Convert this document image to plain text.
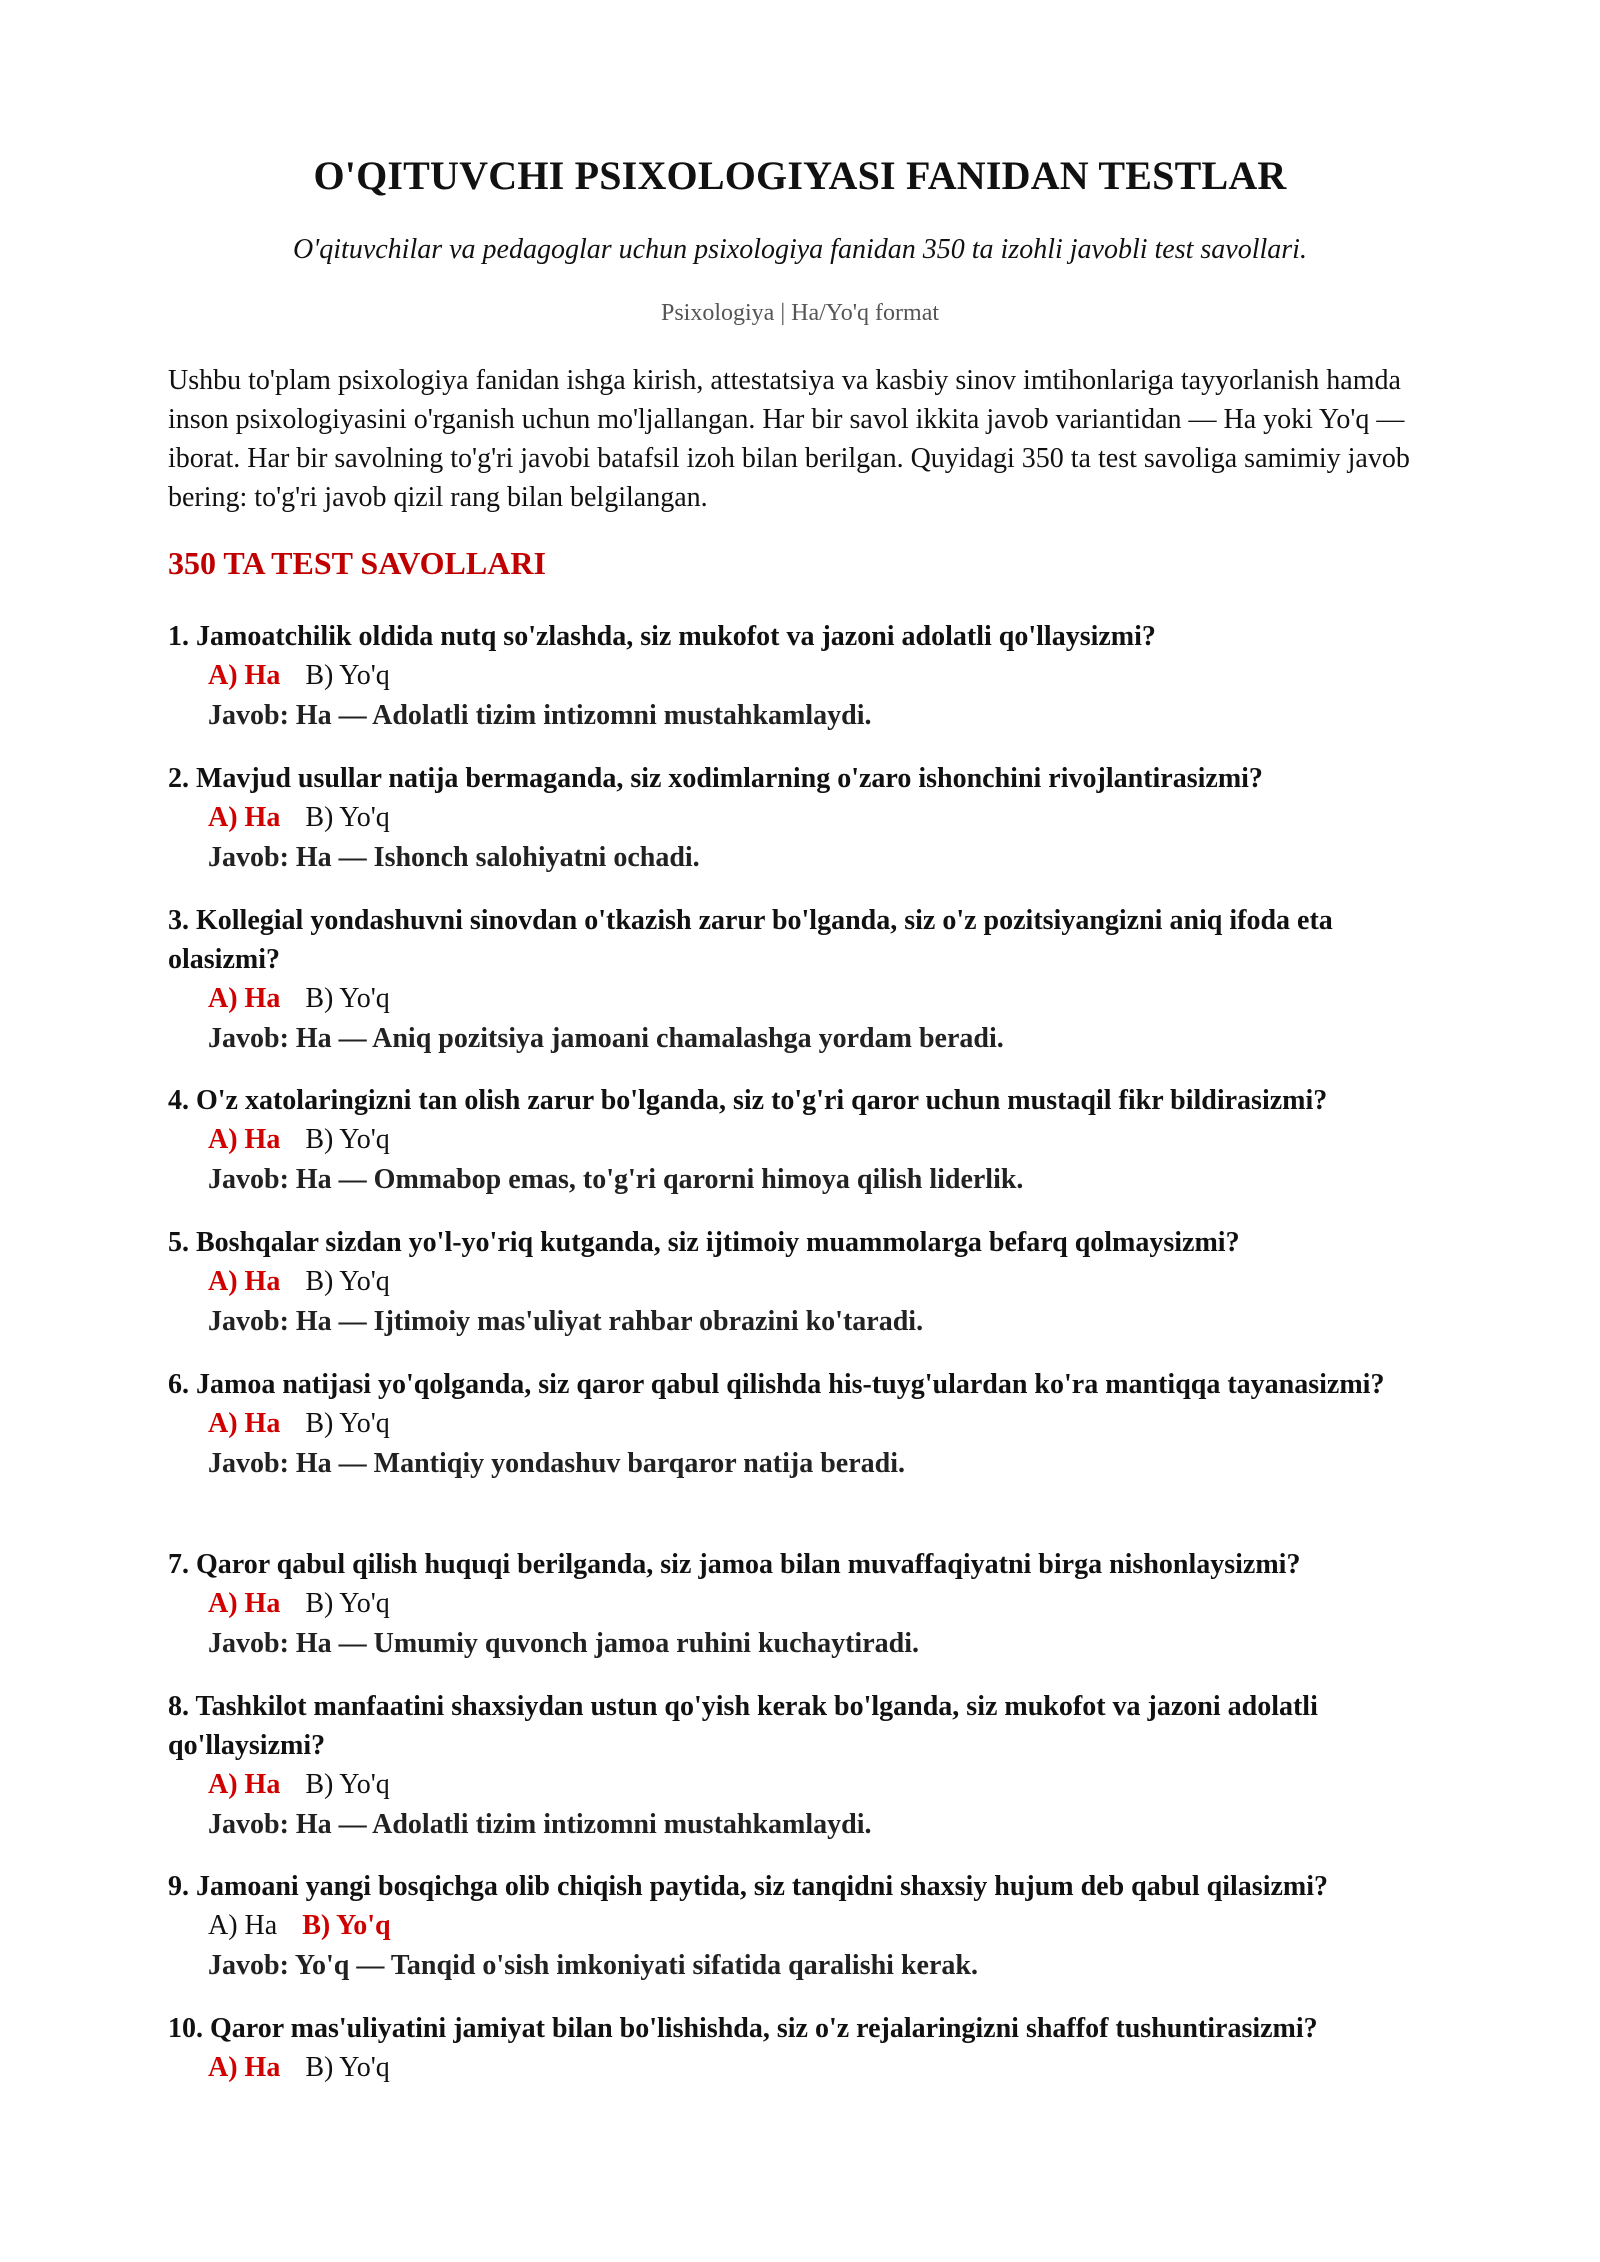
O'QITUVCHI PSIXOLOGIYASI FANIDAN TESTLAR

O'qituvchilar va pedagoglar uchun psixologiya fanidan 350 ta izohli javobli test savollari.

Psixologiya | Ha/Yo'q format

Ushbu to'plam psixologiya fanidan ishga kirish, attestatsiya va kasbiy sinov imtihonlariga tayyorlanish hamda inson psixologiyasini o'rganish uchun mo'ljallangan. Har bir savol ikkita javob variantidan — Ha yoki Yo'q — iborat. Har bir savolning to'g'ri javobi batafsil izoh bilan berilgan. Quyidagi 350 ta test savoliga samimiy javob bering: to'g'ri javob qizil rang bilan belgilangan.

350 TA TEST SAVOLLARI

1. Jamoatchilik oldida nutq so'zlashda, siz mukofot va jazoni adolatli qo'llaysizmi?

A) Ha B) Yo'q

Javob: Ha — Adolatli tizim intizomni mustahkamlaydi.

2. Mavjud usullar natija bermaganda, siz xodimlarning o'zaro ishonchini rivojlantirasizmi?

A) Ha B) Yo'q

Javob: Ha — Ishonch salohiyatni ochadi.

3. Kollegial yondashuvni sinovdan o'tkazish zarur bo'lganda, siz o'z pozitsiyangizni aniq ifoda eta olasizmi?

A) Ha B) Yo'q

Javob: Ha — Aniq pozitsiya jamoani chamalashga yordam beradi.

4. O'z xatolaringizni tan olish zarur bo'lganda, siz to'g'ri qaror uchun mustaqil fikr bildirasizmi?

A) Ha B) Yo'q

Javob: Ha — Ommabop emas, to'g'ri qarorni himoya qilish liderlik.

5. Boshqalar sizdan yo'l-yo'riq kutganda, siz ijtimoiy muammolarga befarq qolmaysizmi?

A) Ha B) Yo'q

Javob: Ha — Ijtimoiy mas'uliyat rahbar obrazini ko'taradi.

6. Jamoa natijasi yo'qolganda, siz qaror qabul qilishda his-tuyg'ulardan ko'ra mantiqqa tayanasizmi?

A) Ha B) Yo'q

Javob: Ha — Mantiqiy yondashuv barqaror natija beradi.

7. Qaror qabul qilish huquqi berilganda, siz jamoa bilan muvaffaqiyatni birga nishonlaysizmi?

A) Ha B) Yo'q

Javob: Ha — Umumiy quvonch jamoa ruhini kuchaytiradi.

8. Tashkilot manfaatini shaxsiydan ustun qo'yish kerak bo'lganda, siz mukofot va jazoni adolatli qo'llaysizmi?

A) Ha B) Yo'q

Javob: Ha — Adolatli tizim intizomni mustahkamlaydi.

9. Jamoani yangi bosqichga olib chiqish paytida, siz tanqidni shaxsiy hujum deb qabul qilasizmi?

A) Ha B) Yo'q

Javob: Yo'q — Tanqid o'sish imkoniyati sifatida qaralishi kerak.

10. Qaror mas'uliyatini jamiyat bilan bo'lishishda, siz o'z rejalaringizni shaffof tushuntirasizmi?

A) Ha B) Yo'q
